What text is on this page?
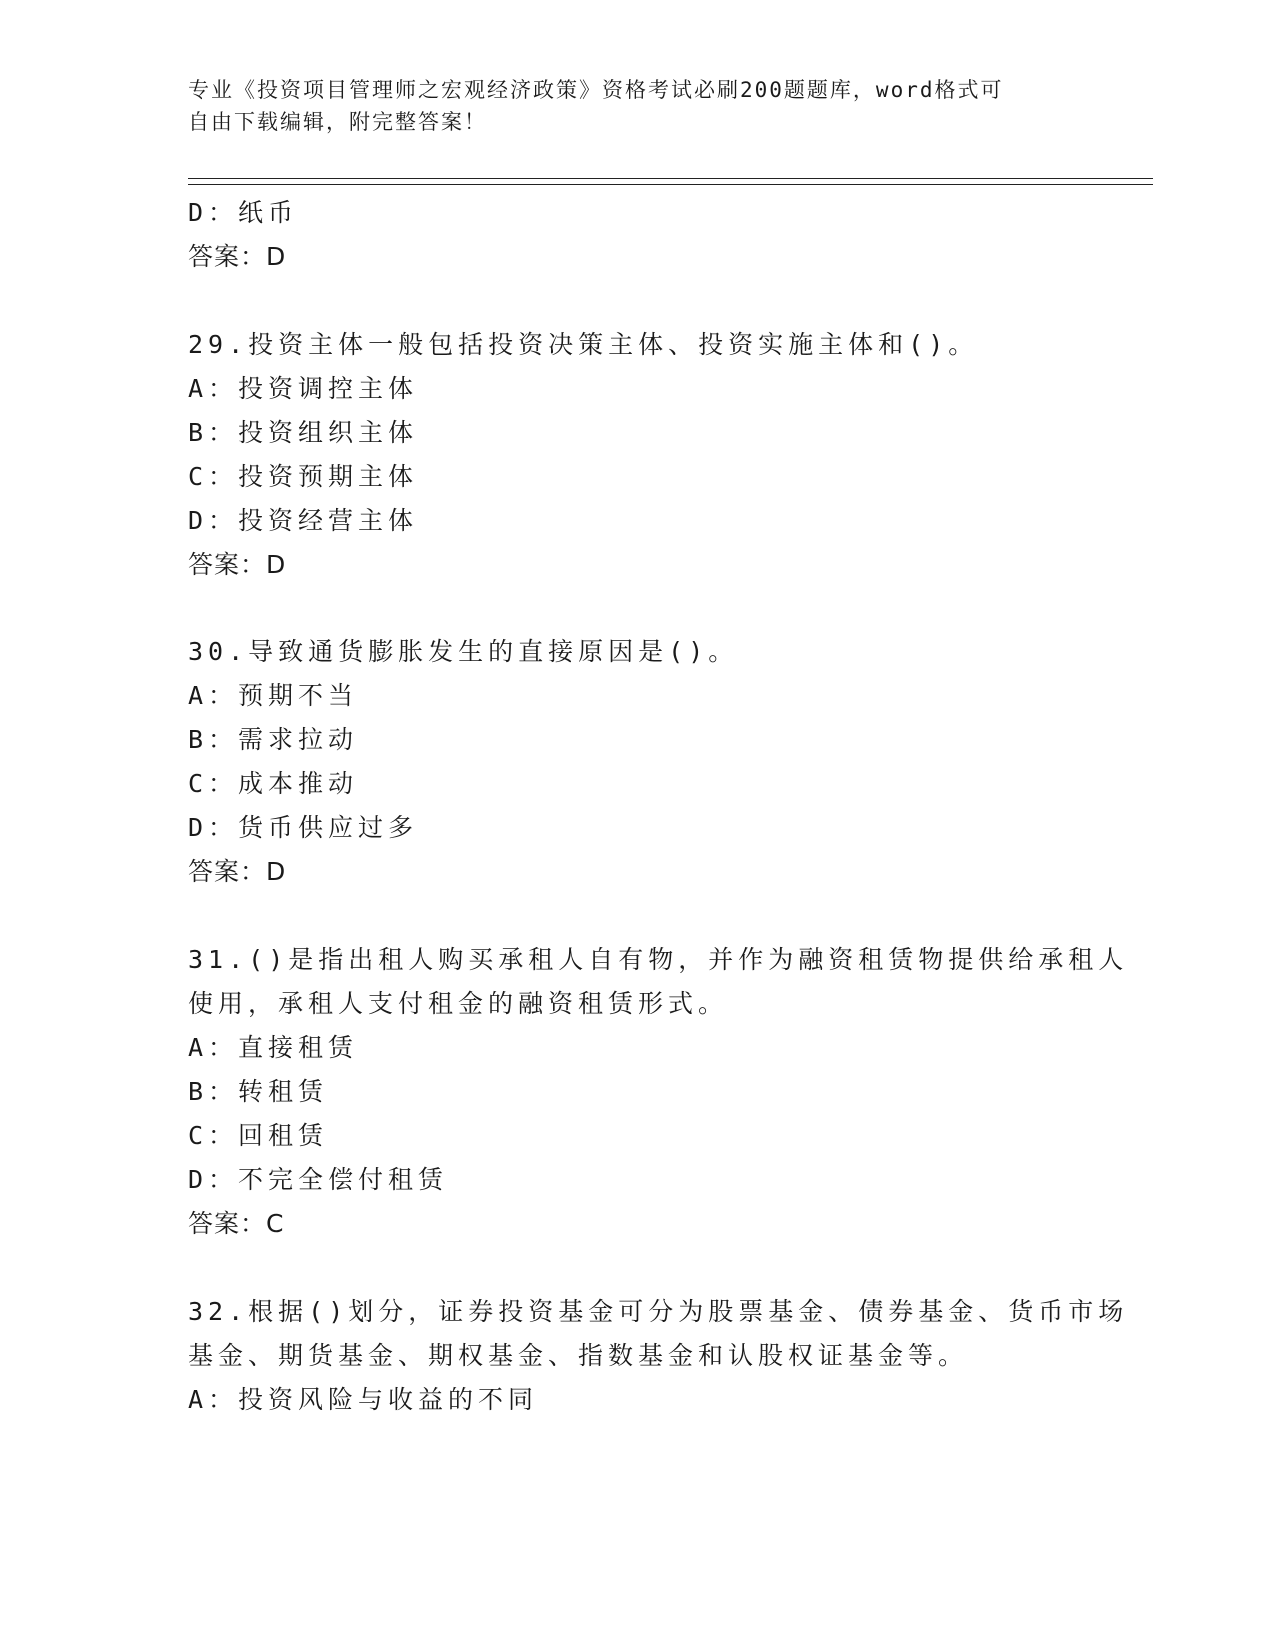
专业《投资项目管理师之宏观经济政策》资格考试必刷200题题库，word格式可
自由下载编辑，附完整答案！
D：纸币
答案：D
29.投资主体一般包括投资决策主体、投资实施主体和()。
A：投资调控主体
B：投资组织主体
C：投资预期主体
D：投资经营主体
答案：D
30.导致通货膨胀发生的直接原因是()。
A：预期不当
B：需求拉动
C：成本推动
D：货币供应过多
答案：D
31.()是指出租人购买承租人自有物，并作为融资租赁物提供给承租人
使用，承租人支付租金的融资租赁形式。
A：直接租赁
B：转租赁
C：回租赁
D：不完全偿付租赁
答案：C
32.根据()划分，证券投资基金可分为股票基金、债券基金、货币市场
基金、期货基金、期权基金、指数基金和认股权证基金等。
A：投资风险与收益的不同
